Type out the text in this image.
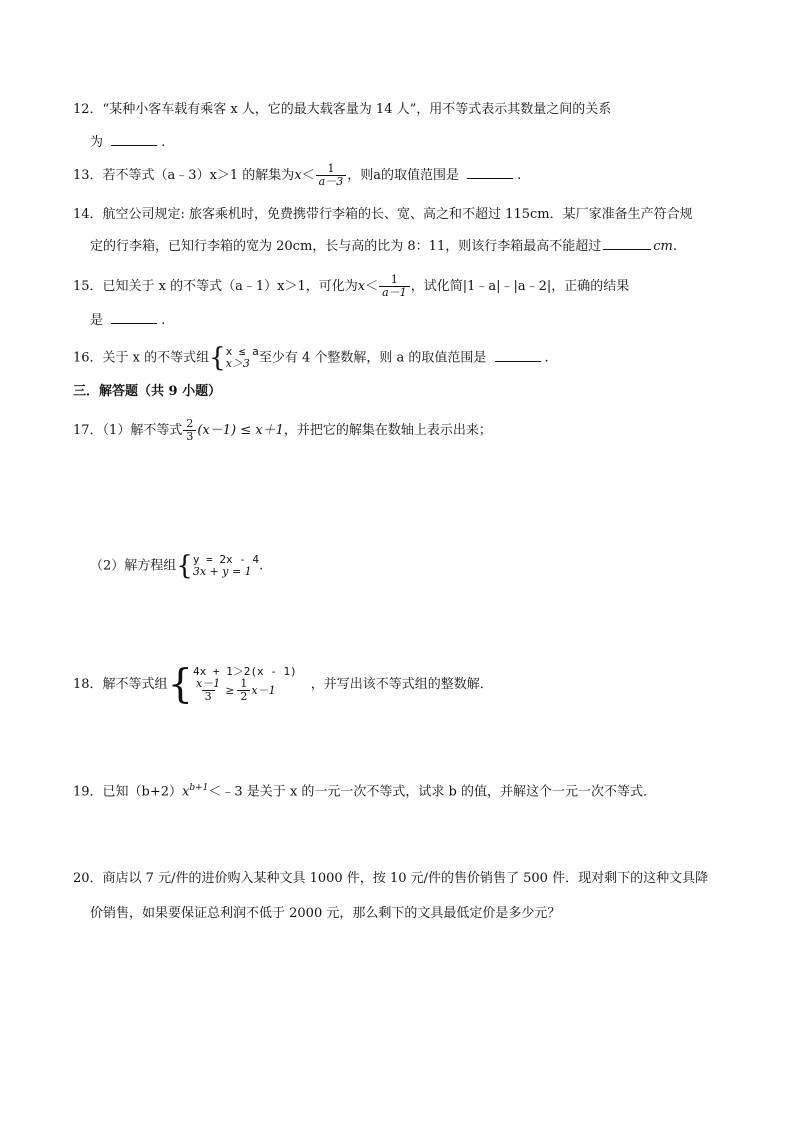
12．“某种小客车载有乘客 x 人，它的最大载客量为 14 人”，用不等式表示其数量之间的关系
为	.
13．若不等式（a﹣3）x＞1 的解集为$x< \frac{1}{a-3}$ ，则a的取值范围是	.
14．航空公司规定: 旅客乘机时，免费携带行李箱的长、宽、高之和不超过 115cm．某厂家准备生产符合规
定的行李箱，已知行李箱的宽为 20cm，长与高的比为 8：11，则该行李箱最高不能超过	cm.
15．已知关于 x 的不等式（a﹣1）x＞1，可化为$x< \frac{1}{a-1}$ ，试化简|1﹣a|﹣|a﹣2|，正确的结果
是	.
16．关于 x 的不等式组{ x ≤ a
x＞3 至少有 4 个整数解，则 a 的取值范围是	.
三．解答题（共 9 小题）
17．（1）解不等式 $\frac{2}{3} (x-1) \le x+1$，并把它的解集在数轴上表示出来；
（2）解方程组{ y = 2x - 4
3x + y = 1 .
18．解不等式组{ 4x + 1＞2(x - 1)
$\frac{x-1}{3} \ge \frac{1}{2} x-1$	，并写出该不等式组的整数解．
19．已知$(b+2)x^{b+1}<﹣3$ 是关于 x 的一元一次不等式，试求 b 的值，并解这个一元一次不等式．
20．商店以 7 元/件的进价购入某种文具 1000 件，按 10 元/件的售价销售了 500 件．现对剩下的这种文具降
价销售，如果要保证总利润不低于 2000 元，那么剩下的文具最低定价是多少元？
